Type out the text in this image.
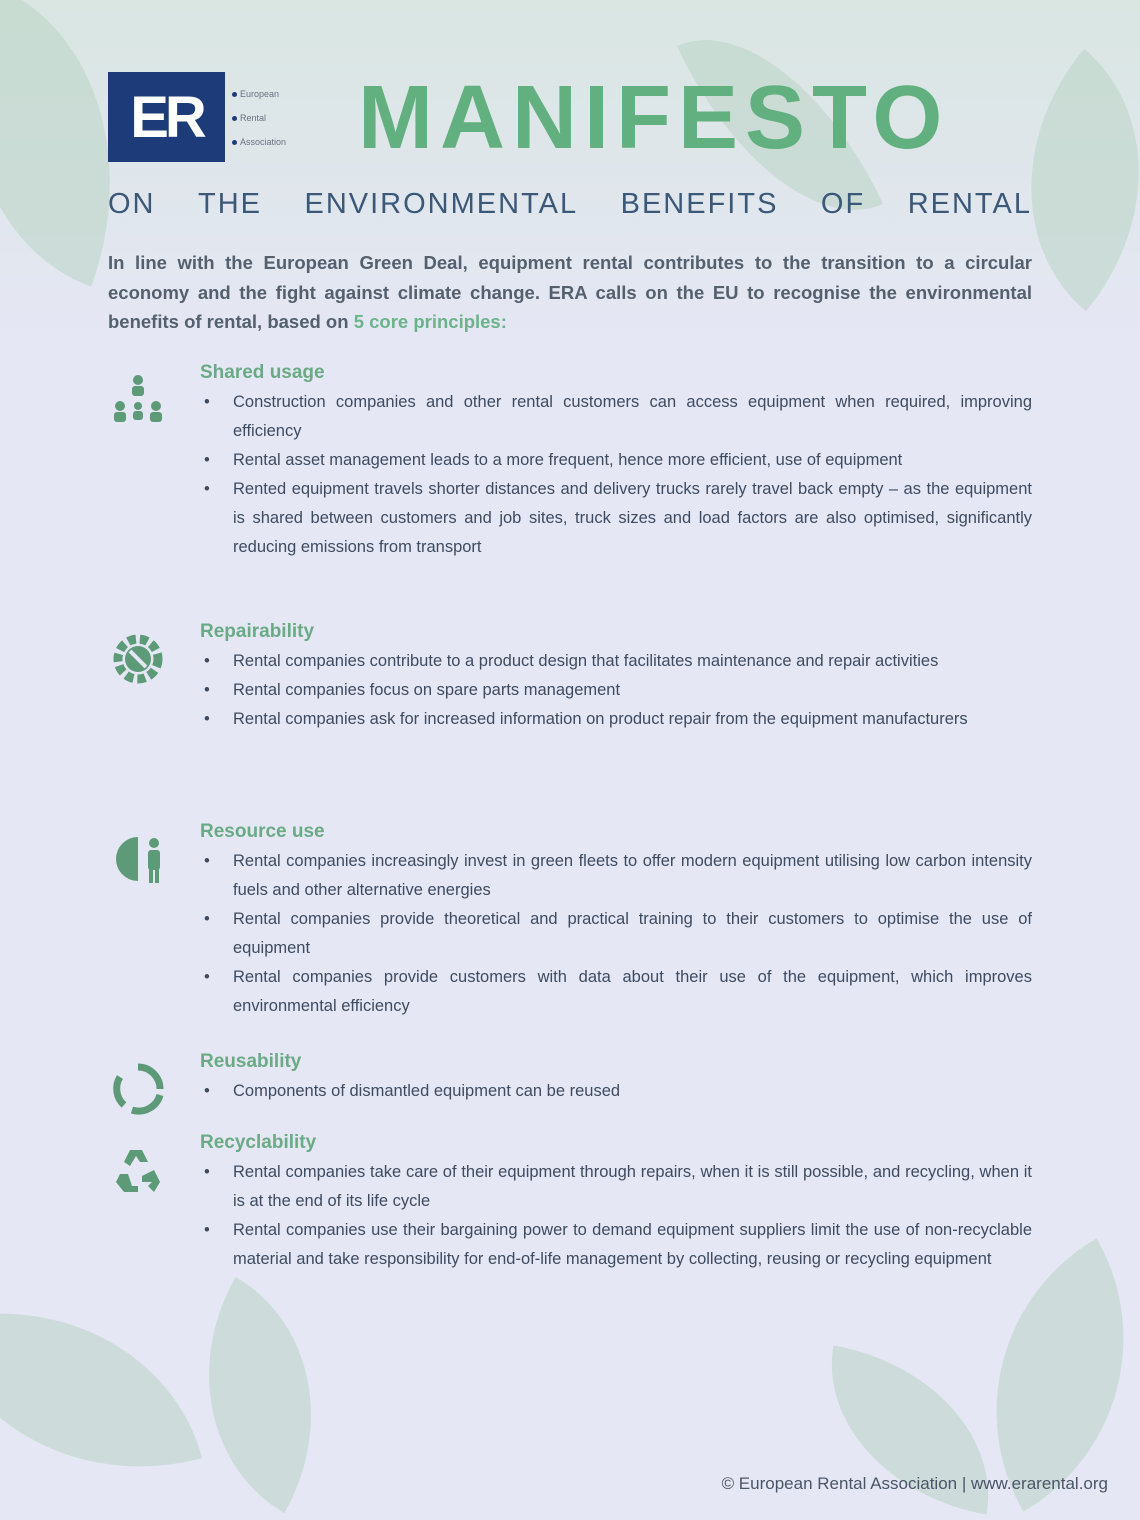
ER	European
Rental
Association MANIFESTO
ON THE ENVIRONMENTAL BENEFITS OF RENTAL
In line with the European Green Deal, equipment rental contributes to the transition to a circular economy and the fight against climate change. ERA calls on the EU to recognise the environmental benefits of rental, based on 5 core principles:
Shared usage
• Construction companies and other rental customers can access equipment when required, improving efficiency
• Rental asset management leads to a more frequent, hence more efficient, use of equipment
• Rented equipment travels shorter distances and delivery trucks rarely travel back empty – as the equipment is shared between customers and job sites, truck sizes and load factors are also optimised, significantly reducing emissions from transport
Repairability
• Rental companies contribute to a product design that facilitates maintenance and repair activities
• Rental companies focus on spare parts management
• Rental companies ask for increased information on product repair from the equipment manufacturers
Resource use
• Rental companies increasingly invest in green fleets to offer modern equipment utilising low carbon intensity fuels and other alternative energies
• Rental companies provide theoretical and practical training to their customers to optimise the use of equipment
• Rental companies provide customers with data about their use of the equipment, which improves environmental efficiency
Reusability
• Components of dismantled equipment can be reused
Recyclability
• Rental companies take care of their equipment through repairs, when it is still possible, and recycling, when it is at the end of its life cycle
• Rental companies use their bargaining power to demand equipment suppliers limit the use of non-recyclable material and take responsibility for end-of-life management by collecting, reusing or recycling equipment
© European Rental Association | www.erarental.org
